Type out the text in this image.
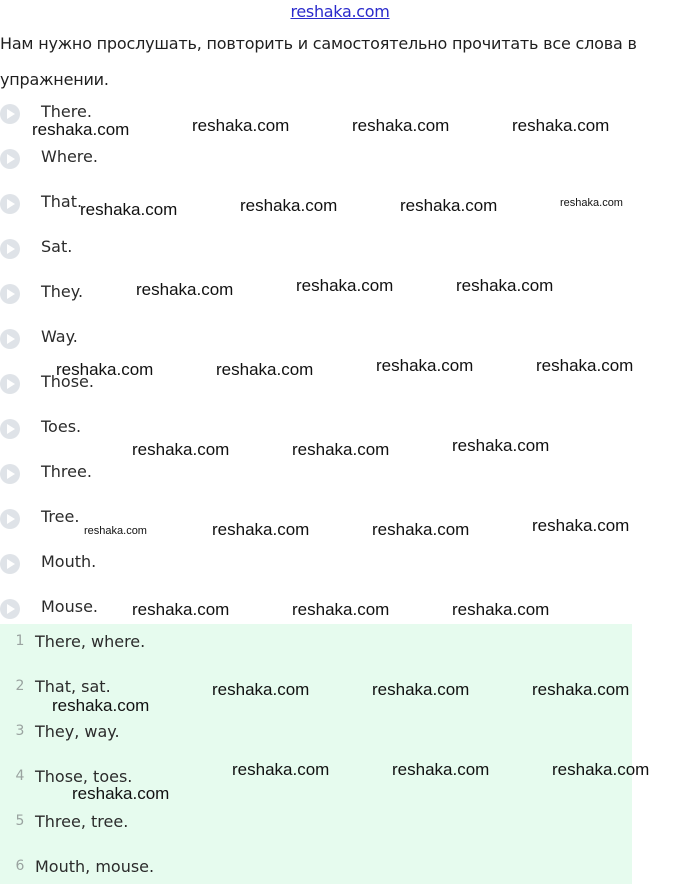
reshaka.com
Нам нужно прослушать, повторить и самостоятельно прочитать все слова в упражнении.
There.
Where.
That.
Sat.
They.
Way.
Those.
Toes.
Three.
Tree.
Mouth.
Mouse.
1 There, where.
2 That, sat.
3 They, way.
4 Those, toes.
5 Three, tree.
6 Mouth, mouse.
reshaka.com	reshaka.com	reshaka.com	reshaka.com
reshaka.com	reshaka.com	reshaka.com	reshaka.com
reshaka.com	reshaka.com	reshaka.com
reshaka.com	reshaka.com	reshaka.com	reshaka.com
reshaka.com	reshaka.com	reshaka.com
reshaka.com	reshaka.com	reshaka.com	reshaka.com
reshaka.com	reshaka.com	reshaka.com
reshaka.com	reshaka.com	reshaka.com
reshaka.com
reshaka.com	reshaka.com	reshaka.com
reshaka.com
